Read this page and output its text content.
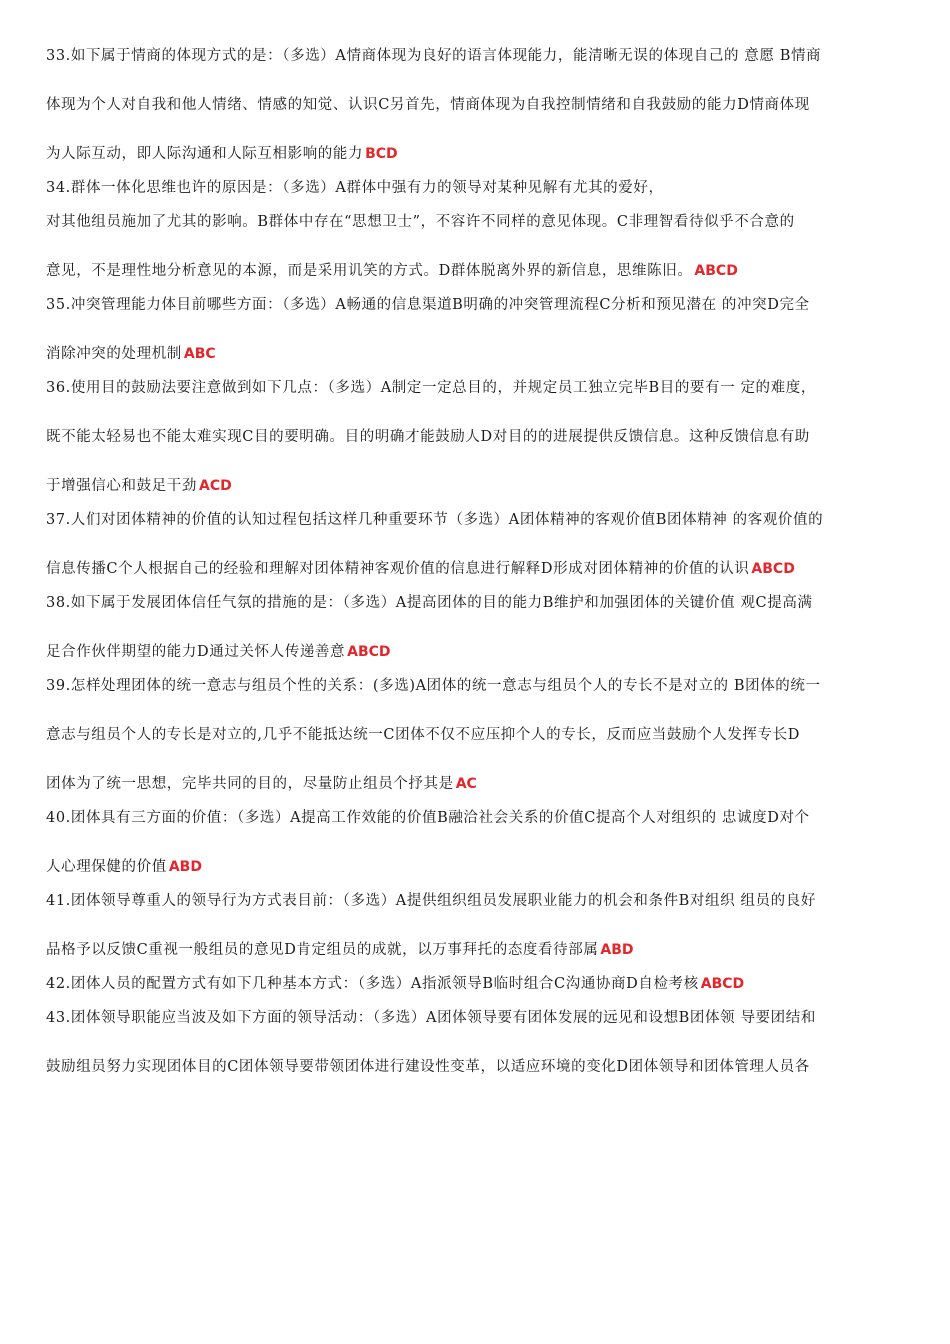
33.如下属于情商的体现方式的是：（多选）A情商体现为良好的语言体现能力，能清晰无误的体现自己的 意愿 B情商
体现为个人对自我和他人情绪、情感的知觉、认识C另首先，情商体现为自我控制情绪和自我鼓励的能力D情商体现
为人际互动，即人际沟通和人际互相影响的能力 BCD
34.群体一体化思维也许的原因是：（多选）A群体中强有力的领导对某种见解有尤其的爱好，
对其他组员施加了尤其的影响。B群体中存在“思想卫士”，不容许不同样的意见体现。C非理智看待似乎不合意的
意见，不是理性地分析意见的本源，而是采用讥笑的方式。D群体脱离外界的新信息，思维陈旧。 ABCD
35.冲突管理能力体目前哪些方面：（多选）A畅通的信息渠道B明确的冲突管理流程C分析和预见潜在 的冲突D完全
消除冲突的处理机制 ABC
36.使用目的鼓励法要注意做到如下几点：（多选）A制定一定总目的，并规定员工独立完毕B目的要有一 定的难度，
既不能太轻易也不能太难实现C目的要明确。目的明确才能鼓励人D对目的的进展提供反馈信息。这种反馈信息有助
于增强信心和鼓足干劲 ACD
37.人们对团体精神的价值的认知过程包括这样几种重要环节（多选）A团体精神的客观价值B团体精神 的客观价值的
信息传播C个人根据自己的经验和理解对团体精神客观价值的信息进行解释D形成对团体精神的价值的认识 ABCD
38.如下属于发展团体信任气氛的措施的是：（多选）A提高团体的目的能力B维护和加强团体的关键价值 观C提高满
足合作伙伴期望的能力D通过关怀人传递善意 ABCD
39.怎样处理团体的统一意志与组员个性的关系：(多选)A团体的统一意志与组员个人的专长不是对立的 B团体的统一
意志与组员个人的专长是对立的,几乎不能抵达统一C团体不仅不应压抑个人的专长，反而应当鼓励个人发挥专长D
团体为了统一思想，完毕共同的目的，尽量防止组员个抒其是 AC
40.团体具有三方面的价值：（多选）A提高工作效能的价值B融洽社会关系的价值C提高个人对组织的 忠诚度D对个
人心理保健的价值 ABD
41.团体领导尊重人的领导行为方式表目前：（多选）A提供组织组员发展职业能力的机会和条件B对组织 组员的良好
品格予以反馈C重视一般组员的意见D肯定组员的成就，以万事拜托的态度看待部属 ABD
42.团体人员的配置方式有如下几种基本方式：（多选）A指派领导B临时组合C沟通协商D自检考核 ABCD
43.团体领导职能应当波及如下方面的领导活动：（多选）A团体领导要有团体发展的远见和设想B团体领 导要团结和
鼓励组员努力实现团体目的C团体领导要带领团体进行建设性变革，以适应环境的变化D团体领导和团体管理人员各
